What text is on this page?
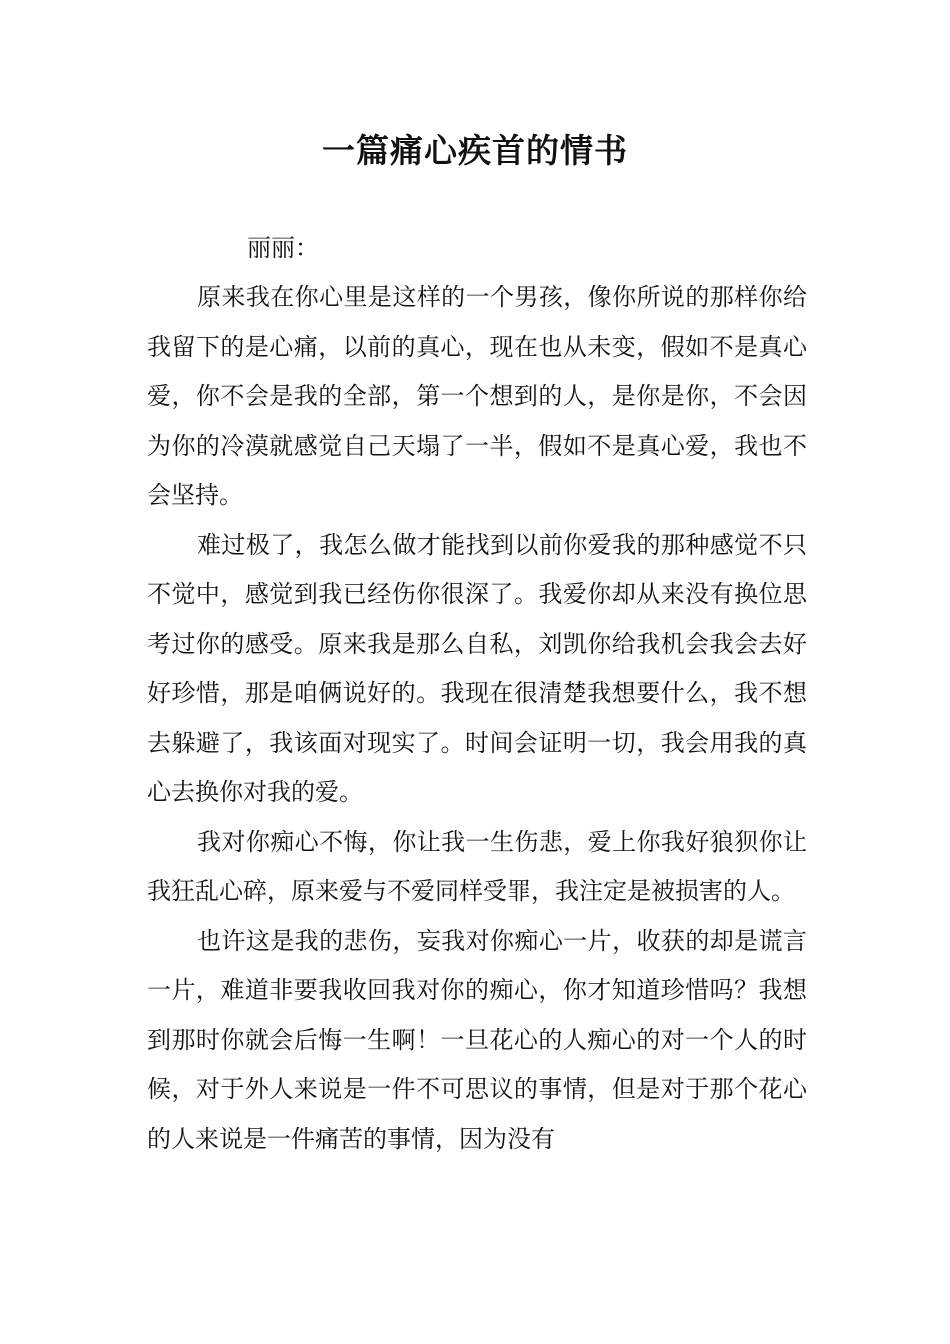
一篇痛心疾首的情书

丽丽：

原来我在你心里是这样的一个男孩，像你所说的那样你给我留下的是心痛，以前的真心，现在也从未变，假如不是真心爱，你不会是我的全部，第一个想到的人，是你是你，不会因为你的冷漠就感觉自己天塌了一半，假如不是真心爱，我也不会坚持。

难过极了，我怎么做才能找到以前你爱我的那种感觉不只不觉中，感觉到我已经伤你很深了。我爱你却从来没有换位思考过你的感受。原来我是那么自私，刘凯你给我机会我会去好好珍惜，那是咱俩说好的。我现在很清楚我想要什么，我不想去躲避了，我该面对现实了。时间会证明一切，我会用我的真心去换你对我的爱。

我对你痴心不悔，你让我一生伤悲，爱上你我好狼狈你让我狂乱心碎，原来爱与不爱同样受罪，我注定是被损害的人。

也许这是我的悲伤，妄我对你痴心一片，收获的却是谎言一片，难道非要我收回我对你的痴心，你才知道珍惜吗？我想到那时你就会后悔一生啊！一旦花心的人痴心的对一个人的时候，对于外人来说是一件不可思议的事情，但是对于那个花心的人来说是一件痛苦的事情，因为没有
